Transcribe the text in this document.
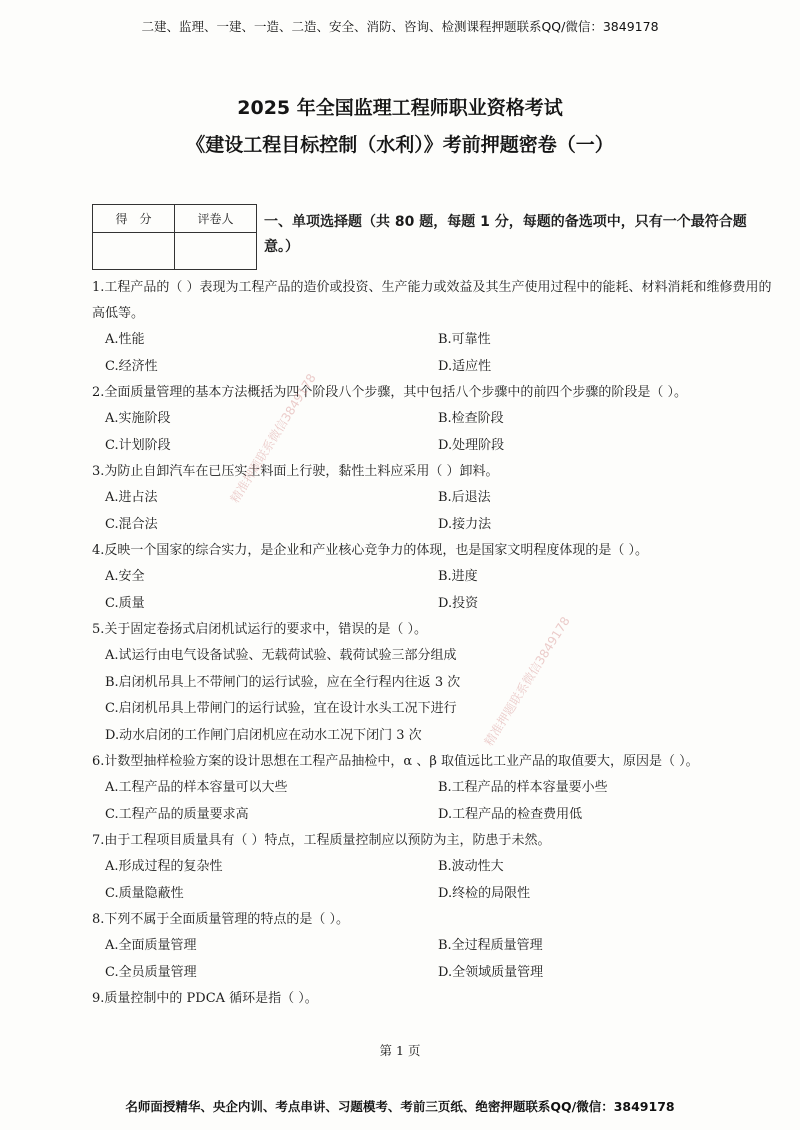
二建、监理、一建、一造、二造、安全、消防、咨询、检测课程押题联系QQ/微信：3849178
2025 年全国监理工程师职业资格考试
《建设工程目标控制（水利）》考前押题密卷（一）
得　分	评卷人
	一、单项选择题（共 80 题，每题 1 分，每题的备选项中，只有一个最符合题意。）

1.工程产品的（ ）表现为工程产品的造价或投资、生产能力或效益及其生产使用过程中的能耗、材料消耗和维修费用的高低等。

A.性能	B.可靠性
C.经济性	D.适应性

2.全面质量管理的基本方法概括为四个阶段八个步骤，其中包括八个步骤中的前四个步骤的阶段是（ ）。

A.实施阶段	B.检查阶段
C.计划阶段	D.处理阶段

3.为防止自卸汽车在已压实土料面上行驶，黏性土料应采用（ ）卸料。

A.进占法	B.后退法
C.混合法	D.接力法

4.反映一个国家的综合实力，是企业和产业核心竞争力的体现，也是国家文明程度体现的是（ ）。

A.安全	B.进度
C.质量	D.投资

5.关于固定卷扬式启闭机试运行的要求中，错误的是（ ）。

A.试运行由电气设备试验、无载荷试验、载荷试验三部分组成
B.启闭机吊具上不带闸门的运行试验，应在全行程内往返 3 次
C.启闭机吊具上带闸门的运行试验，宜在设计水头工况下进行
D.动水启闭的工作闸门启闭机应在动水工况下闭门 3 次

6.计数型抽样检验方案的设计思想在工程产品抽检中，α 、β 取值远比工业产品的取值要大，原因是（ ）。

A.工程产品的样本容量可以大些	B.工程产品的样本容量要小些
C.工程产品的质量要求高	D.工程产品的检查费用低

7.由于工程项目质量具有（ ）特点，工程质量控制应以预防为主，防患于未然。

A.形成过程的复杂性	B.波动性大
C.质量隐蔽性	D.终检的局限性

8.下列不属于全面质量管理的特点的是（ ）。

A.全面质量管理	B.全过程质量管理
C.全员质量管理	D.全领域质量管理

9.质量控制中的 PDCA 循环是指（ ）。

精准押题联系微信3849178
精准押题联系微信3849178
第 1 页
名师面授精华、央企内训、考点串讲、习题模考、考前三页纸、绝密押题联系QQ/微信：3849178
